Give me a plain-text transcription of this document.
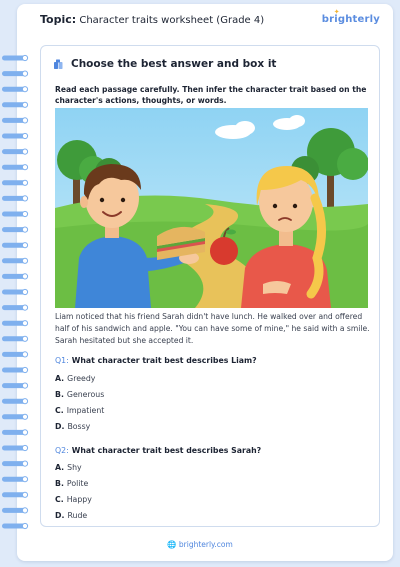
Topic: Character traits worksheet (Grade 4)
✦
brighterly
Choose the best answer and box it
Read each passage carefully. Then infer the character trait based on the character's actions, thoughts, or words.
Liam noticed that his friend Sarah didn't have lunch. He walked over and offered half of his sandwich and apple. "You can have some of mine," he said with a smile. Sarah hesitated but she accepted it.
Q1: What character trait best describes Liam?
A. Greedy
B. Generous
C. Impatient
D. Bossy
Q2: What character trait best describes Sarah?
A. Shy
B. Polite
C. Happy
D. Rude
🌐 brighterly.com
